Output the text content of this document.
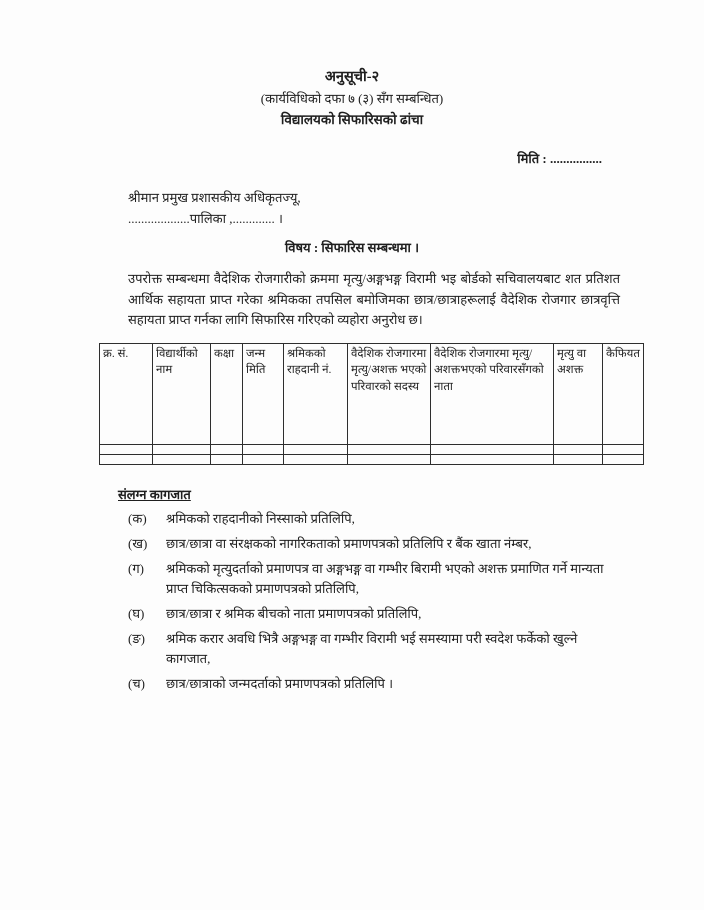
अनुसूची-२
(कार्यविधिको दफा ७ (३) सँग सम्बन्धित)
विद्यालयको सिफारिसको ढांचा
मिति : ................
श्रीमान प्रमुख प्रशासकीय अधिकृतज्यू,
...................पालिका ,............. ।
विषय : सिफारिस सम्बन्धमा ।

उपरोक्त सम्बन्धमा वैदेशिक रोजगारीको क्रममा मृत्यु/अङ्गभङ्ग विरामी भइ बोर्डको सचिवालयबाट शत प्रतिशत आर्थिक सहायता प्राप्त गरेका श्रमिकका तपसिल बमोजिमका छात्र/छात्राहरूलाई वैदेशिक रोजगार छात्रवृत्ति सहायता प्राप्त गर्नका लागि सिफारिस गरिएको व्यहोरा अनुरोध छ।

क्र. सं.	विद्यार्थीको नाम	कक्षा	जन्म मिति	श्रमिकको राहदानी नं.	वैदेशिक रोजगारमा मृत्यु/अशक्त भएको परिवारको सदस्य	वैदेशिक रोजगारमा मृत्यु/अशक्तभएको परिवारसँगको नाता	मृत्यु वा अशक्त	कैफियत

संलग्न कागजात
(क)	श्रमिकको राहदानीको निस्साको प्रतिलिपि,
(ख)	छात्र/छात्रा वा संरक्षकको नागरिकताको प्रमाणपत्रको प्रतिलिपि र बैंक खाता नंम्बर,
(ग)	श्रमिकको मृत्युदर्ताको प्रमाणपत्र वा अङ्गभङ्ग वा गम्भीर बिरामी भएको अशक्त प्रमाणित गर्ने मान्यता प्राप्त चिकित्सकको प्रमाणपत्रको प्रतिलिपि,
(घ)	छात्र/छात्रा र श्रमिक बीचको नाता प्रमाणपत्रको प्रतिलिपि,
(ङ)	श्रमिक करार अवधि भित्रै अङ्गभङ्ग वा गम्भीर विरामी भई समस्यामा परी स्वदेश फर्केको खुल्ने कागजात,
(च)	छात्र/छात्राको जन्मदर्ताको प्रमाणपत्रको प्रतिलिपि ।
